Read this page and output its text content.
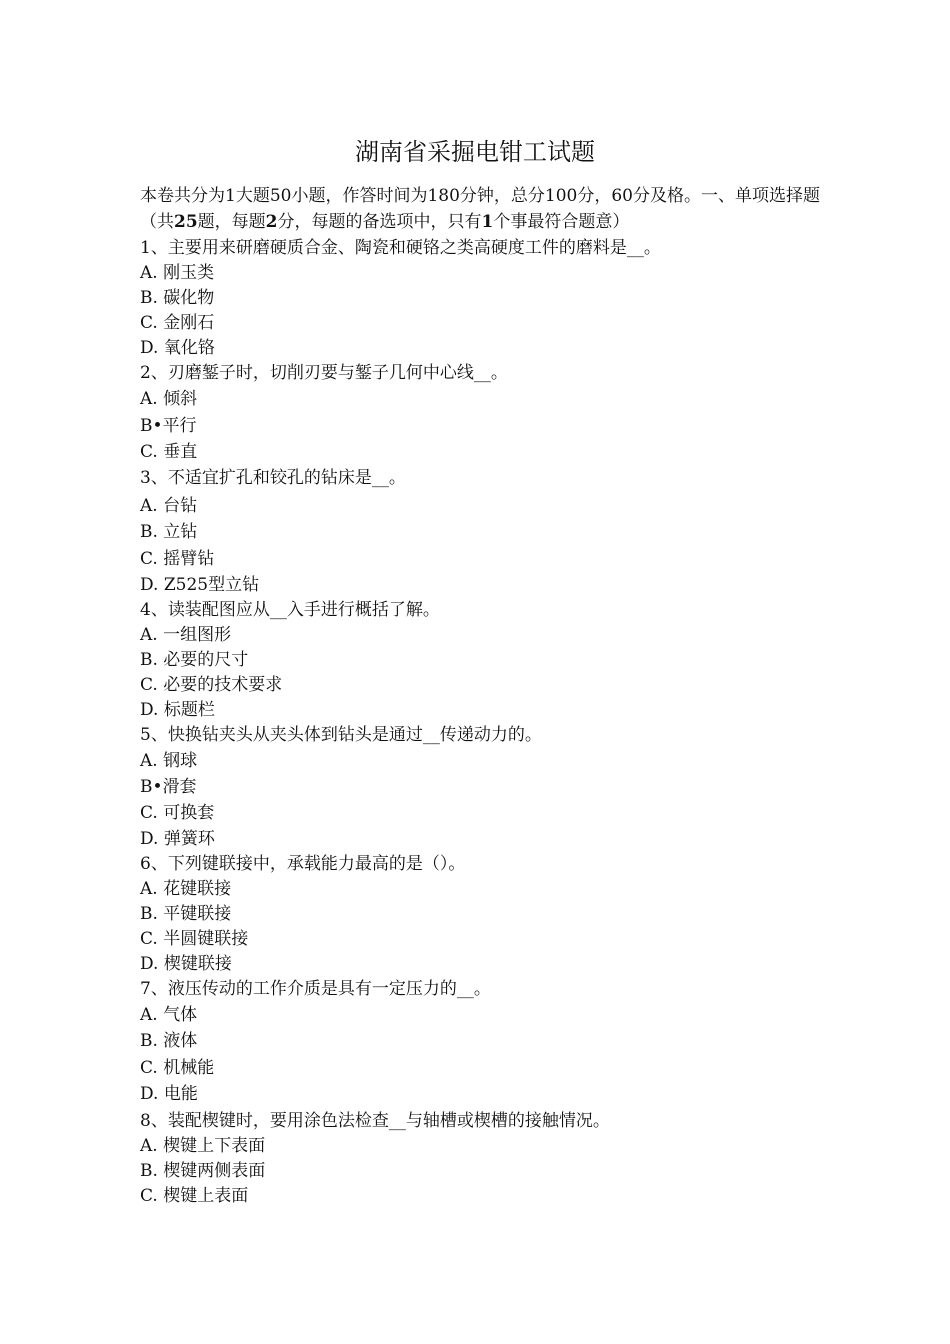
湖南省采掘电钳工试题
本卷共分为1大题50小题，作答时间为180分钟，总分100分，60分及格。一、单项选择题（共25题，每题2分，每题的备选项中，只有1个事最符合题意）
1、主要用来研磨硬质合金、陶瓷和硬铬之类高硬度工件的磨料是__。
A. 刚玉类
B. 碳化物
C. 金刚石
D. 氧化铬
2、刃磨錾子时，切削刃要与錾子几何中心线__。
A. 倾斜
B•平行
C. 垂直
3、不适宜扩孔和铰孔的钻床是__。
A. 台钻
B. 立钻
C. 摇臂钻
D. Z525型立钻
4、读装配图应从__入手进行概括了解。
A. 一组图形
B. 必要的尺寸
C. 必要的技术要求
D. 标题栏
5、快换钻夹头从夹头体到钻头是通过__传递动力的。
A. 钢球
B•滑套
C. 可换套
D. 弹簧环
6、下列键联接中，承载能力最高的是（）。
A. 花键联接
B. 平键联接
C. 半圆键联接
D. 楔键联接
7、液压传动的工作介质是具有一定压力的__。
A. 气体
B. 液体
C. 机械能
D. 电能
8、装配楔键时，要用涂色法检查__与轴槽或楔槽的接触情况。
A. 楔键上下表面
B. 楔键两侧表面
C. 楔键上表面
